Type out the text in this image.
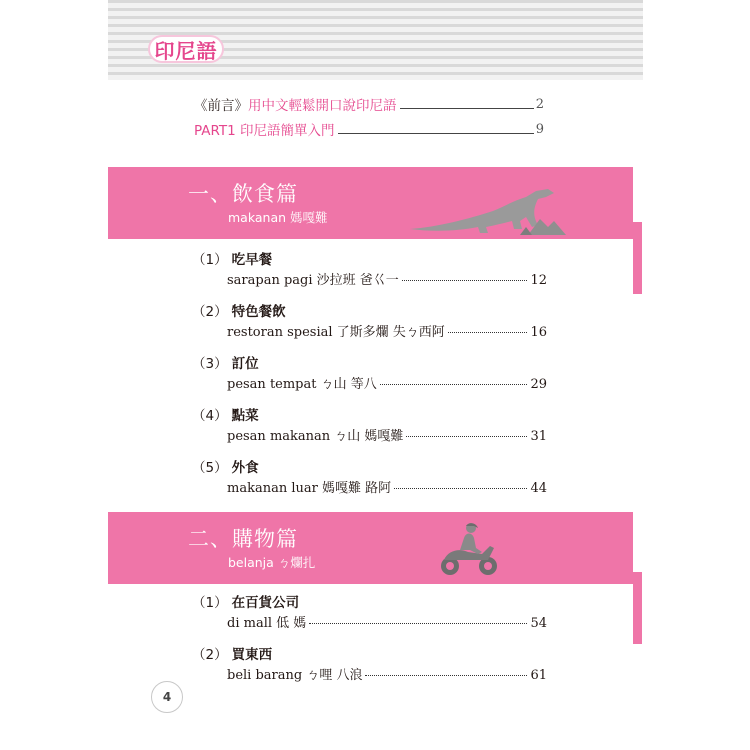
印尼語
《前言》 用中文輕鬆開口說印尼語	2
PART1 印尼語簡單入門	9
一、飲食篇
makanan 媽嘎難
（1） 吃早餐
sarapan pagi 沙拉班 爸巜一	12
（2） 特色餐飲
restoran spesial 了斯多爛 失ㄅ西阿	16
（3） 訂位
pesan tempat ㄅ山 等八	29
（4） 點菜
pesan makanan ㄅ山 媽嘎難	31
（5） 外食
makanan luar 媽嘎難 路阿	44
二、購物篇
belanja ㄅ爛扎
（1） 在百貨公司
di mall 低 媽	54
（2） 買東西
beli barang ㄅ哩 八浪	61
4
